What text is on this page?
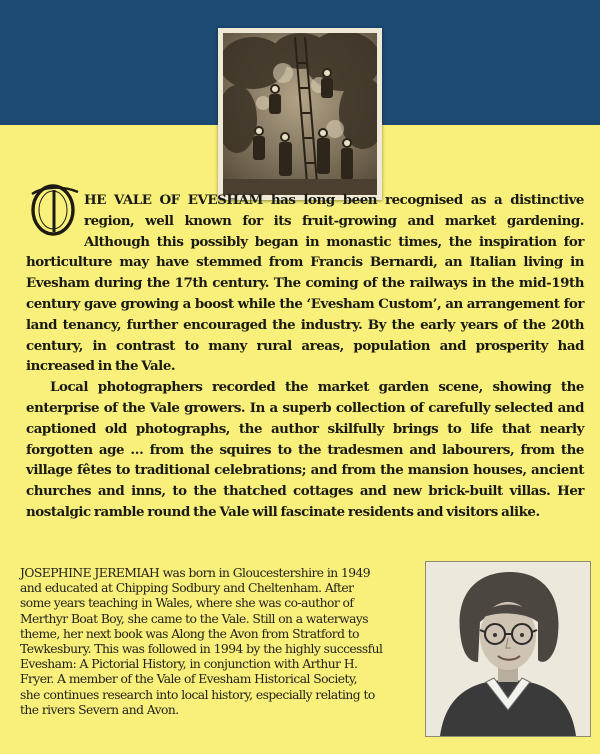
T
HE VALE OF EVESHAM has long been recognised as a distinctive region, well known for its fruit-growing and market gardening. Although this possibly began in monastic times, the inspiration for horticulture may have stemmed from Francis Bernardi, an Italian living in Evesham during the 17th century. The coming of the railways in the mid-19th century gave growing a boost while the ‘Evesham Custom’, an arrangement for land tenancy, further encouraged the industry. By the early years of the 20th century, in contrast to many rural areas, population and prosperity had increased in the Vale.

Local photographers recorded the market garden scene, showing the enterprise of the Vale growers. In a superb collection of carefully selected and captioned old photographs, the author skilfully brings to life that nearly forgotten age … from the squires to the tradesmen and labourers, from the village fêtes to traditional celebrations; and from the mansion houses, ancient churches and inns, to the thatched cottages and new brick-built villas. Her nostalgic ramble round the Vale will fascinate residents and visitors alike.

JOSEPHINE JEREMIAH was born in Gloucestershire in 1949
and educated at Chipping Sodbury and Cheltenham. After
some years teaching in Wales, where she was co-author of
Merthyr Boat Boy, she came to the Vale. Still on a waterways
theme, her next book was Along the Avon from Stratford to
Tewkesbury. This was followed in 1994 by the highly successful
Evesham: A Pictorial History, in conjunction with Arthur H.
Fryer. A member of the Vale of Evesham Historical Society,
she continues research into local history, especially relating to
the rivers Severn and Avon.
